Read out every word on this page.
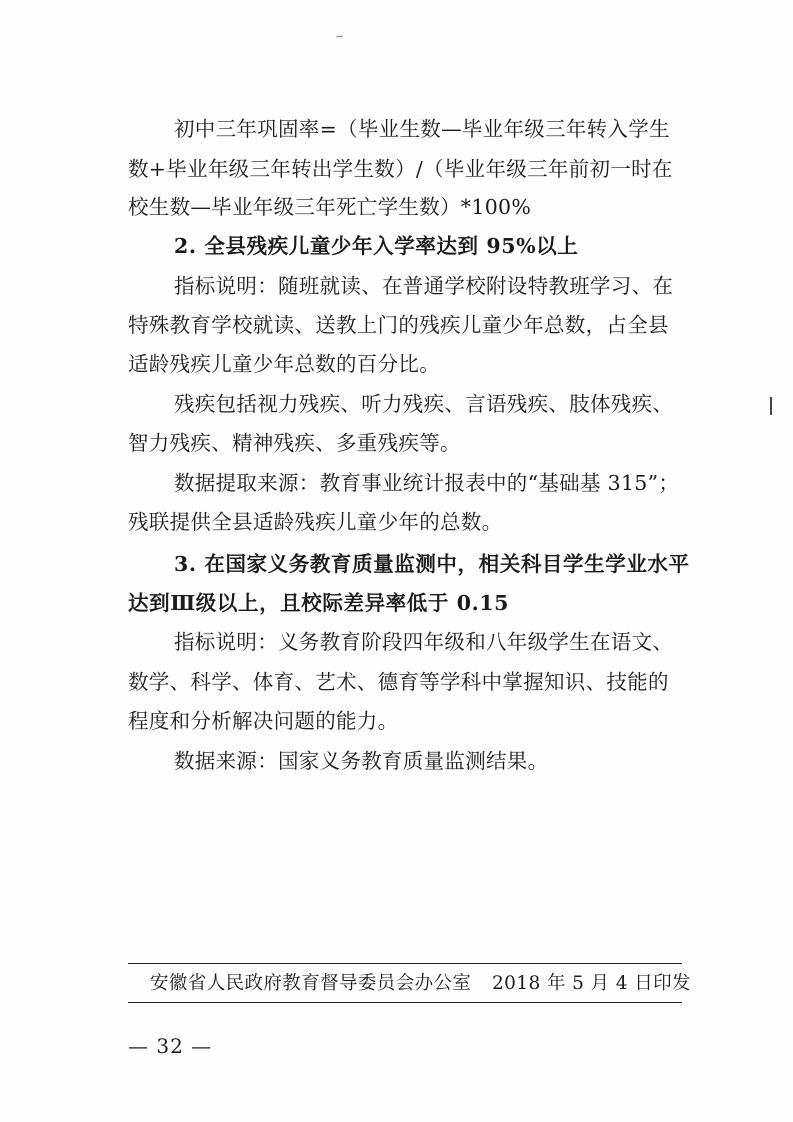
~
初中三年巩固率=（毕业生数—毕业年级三年转入学生
数+毕业年级三年转出学生数）/（毕业年级三年前初一时在
校生数—毕业年级三年死亡学生数）*100%
2. 全县残疾儿童少年入学率达到 95%以上
指标说明：随班就读、在普通学校附设特教班学习、在
特殊教育学校就读、送教上门的残疾儿童少年总数，占全县
适龄残疾儿童少年总数的百分比。
残疾包括视力残疾、听力残疾、言语残疾、肢体残疾、
智力残疾、精神残疾、多重残疾等。
数据提取来源：教育事业统计报表中的“基础基 315”；
残联提供全县适龄残疾儿童少年的总数。
3. 在国家义务教育质量监测中，相关科目学生学业水平
达到Ⅲ级以上，且校际差异率低于 0.15
指标说明：义务教育阶段四年级和八年级学生在语文、
数学、科学、体育、艺术、德育等学科中掌握知识、技能的
程度和分析解决问题的能力。
数据来源：国家义务教育质量监测结果。
安徽省人民政府教育督导委员会办公室 2018 年 5 月 4 日印发
— 32 —
